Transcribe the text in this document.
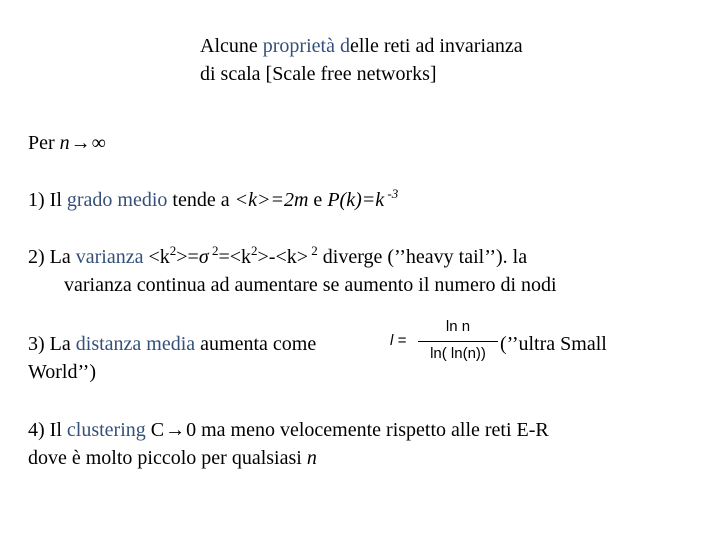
Alcune proprietà delle reti ad invarianza
di scala [Scale free networks]
Per n→∞
1) Il grado medio tende a <k>=2m e P(k)=k $^{-3}$
2) La varianza $<k^2>=\sigma$ $^2=<k^2>-<k> ^2$ diverge (’’heavy tail’’). la
varianza continua ad aumentare se aumento il numero di nodi
3) La distanza media aumenta come	l =
ln n
ln( ln(n)) (’’ultra Small
World’’)
4) Il clustering C→0 ma meno velocemente rispetto alle reti E-R
dove è molto piccolo per qualsiasi n
